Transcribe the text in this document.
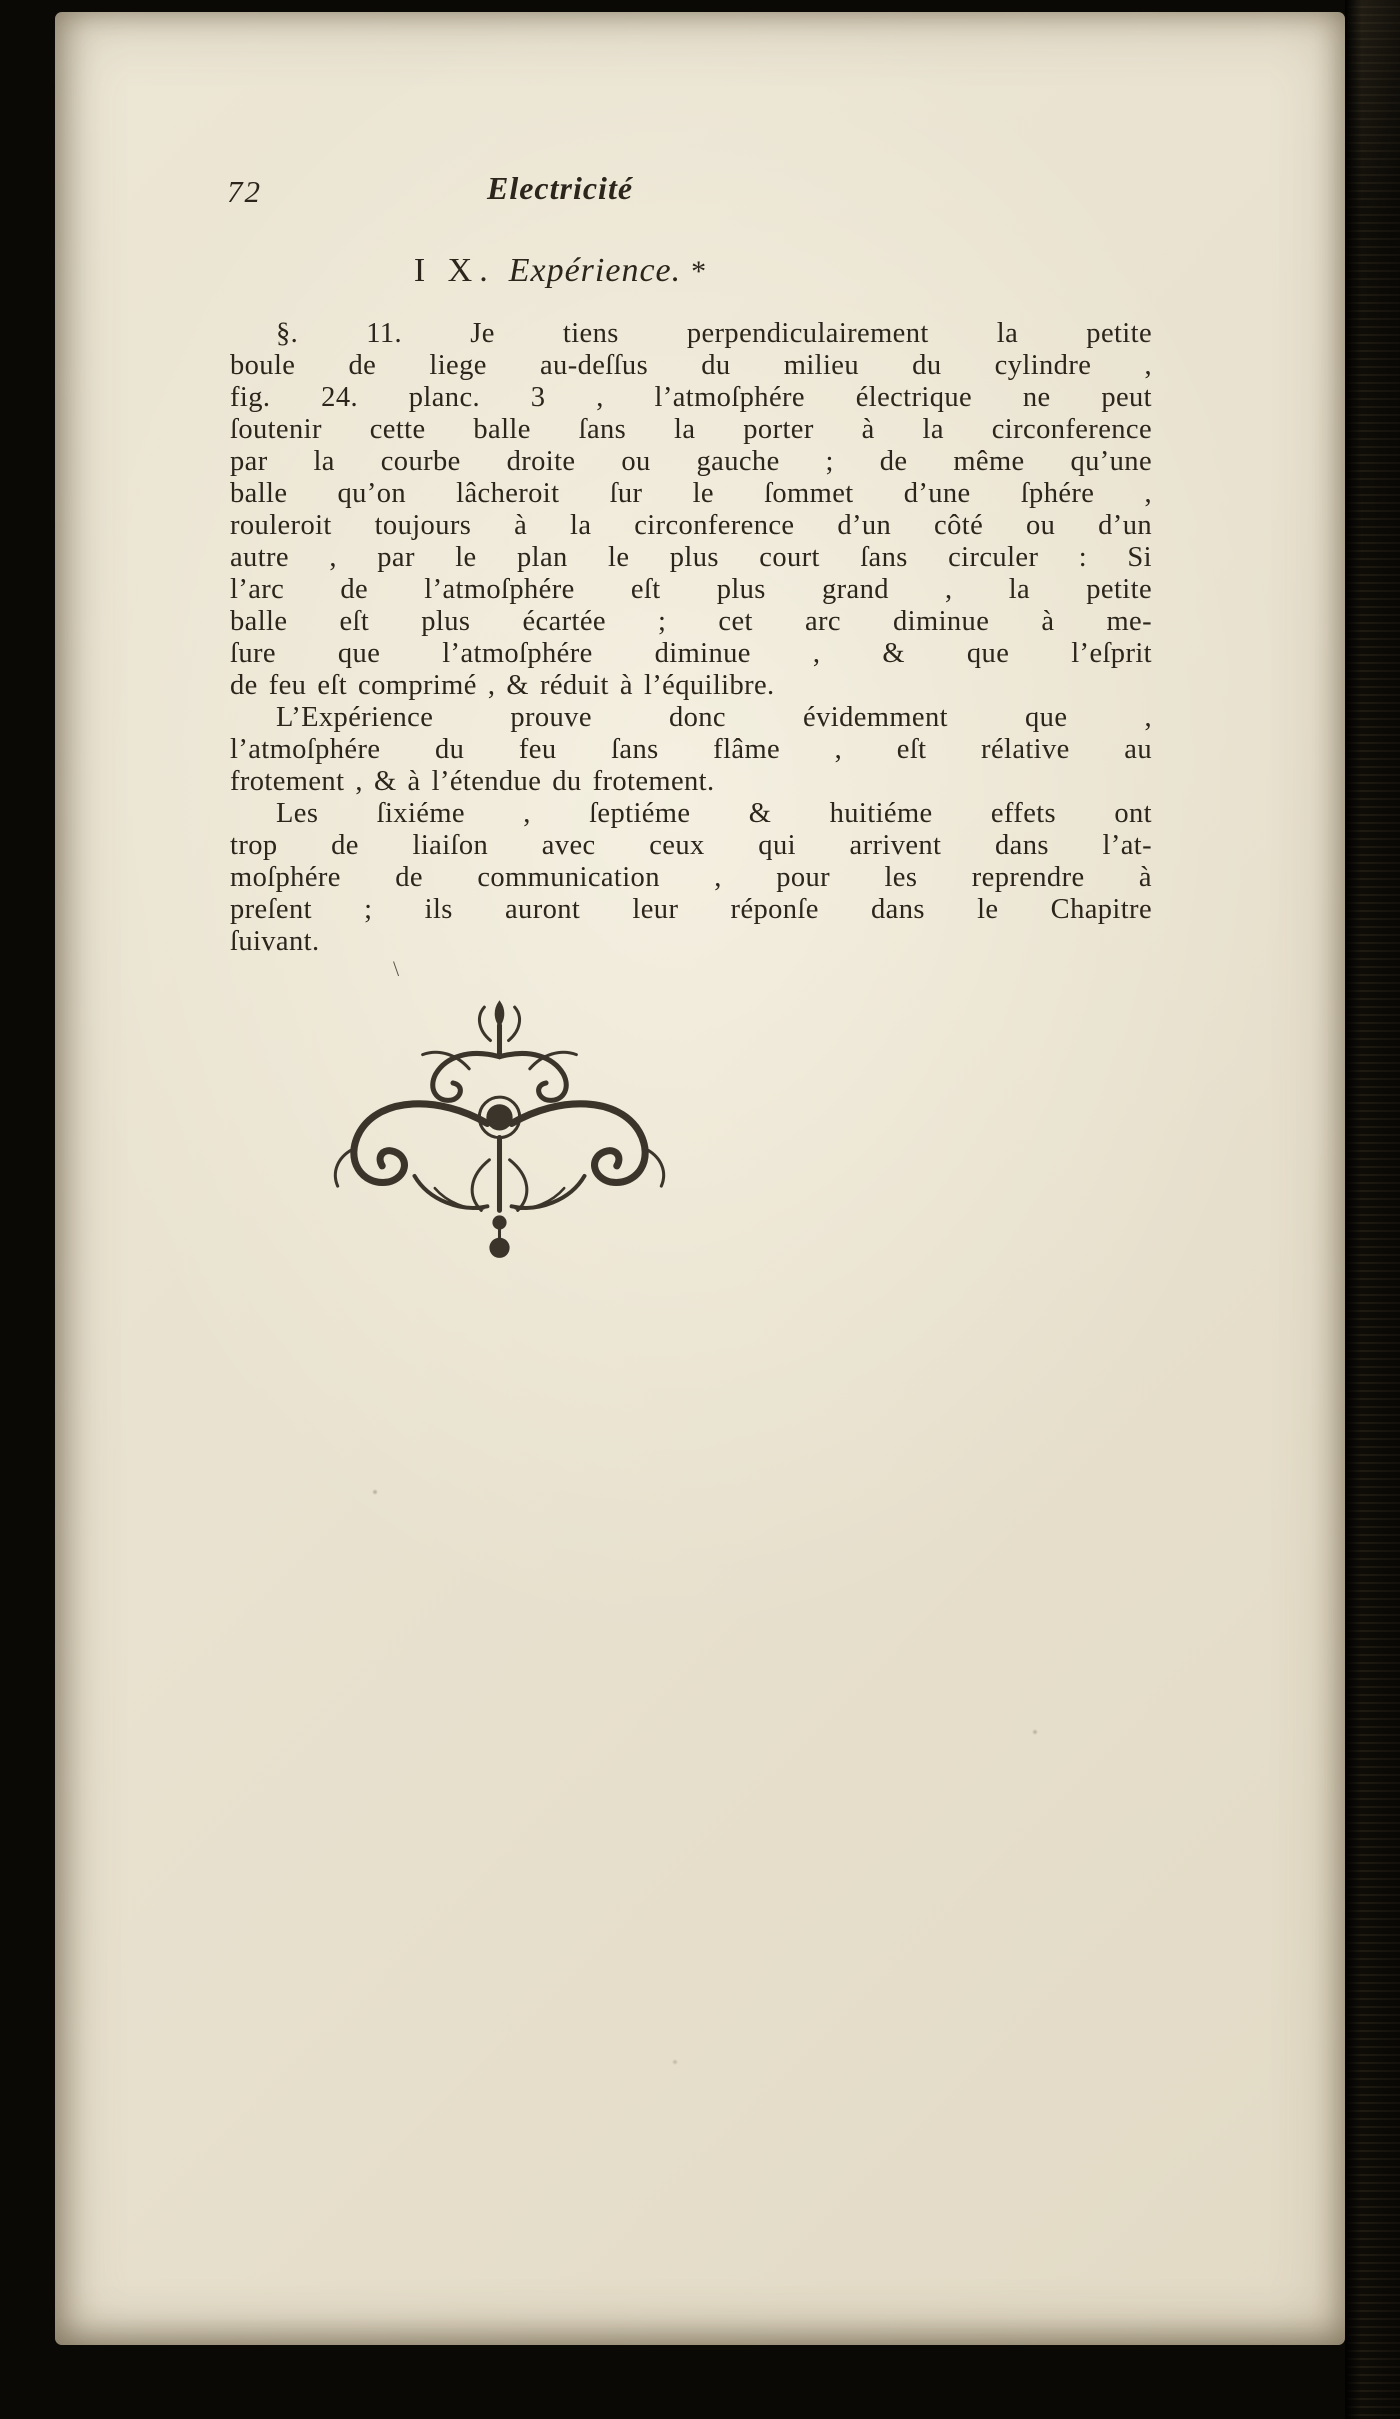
72	Electricité
I X. Expérience. *

§. 11. Je tiens perpendiculairement la petite
boule de liege au-deſſus du milieu du cylindre ,
fig. 24. planc. 3 , l’atmoſphére électrique ne peut
ſoutenir cette balle ſans la porter à la circonference
par la courbe droite ou gauche ; de même qu’une
balle qu’on lâcheroit ſur le ſommet d’une ſphére ,
rouleroit toujours à la circonference d’un côté ou d’un
autre , par le plan le plus court ſans circuler : Si
l’arc de l’atmoſphére eſt plus grand , la petite
balle eſt plus écartée ; cet arc diminue à me-
ſure que l’atmoſphére diminue , & que l’eſprit
de feu eſt comprimé , & réduit à l’équilibre.

L’Expérience prouve donc évidemment que ,
l’atmoſphére du feu ſans flâme , eſt rélative au
frotement , & à l’étendue du frotement.

Les ſixiéme , ſeptiéme & huitiéme effets ont
trop de liaiſon avec ceux qui arrivent dans l’at-
moſphére de communication , pour les reprendre à
preſent ; ils auront leur réponſe dans le Chapitre
ſuivant.

\
